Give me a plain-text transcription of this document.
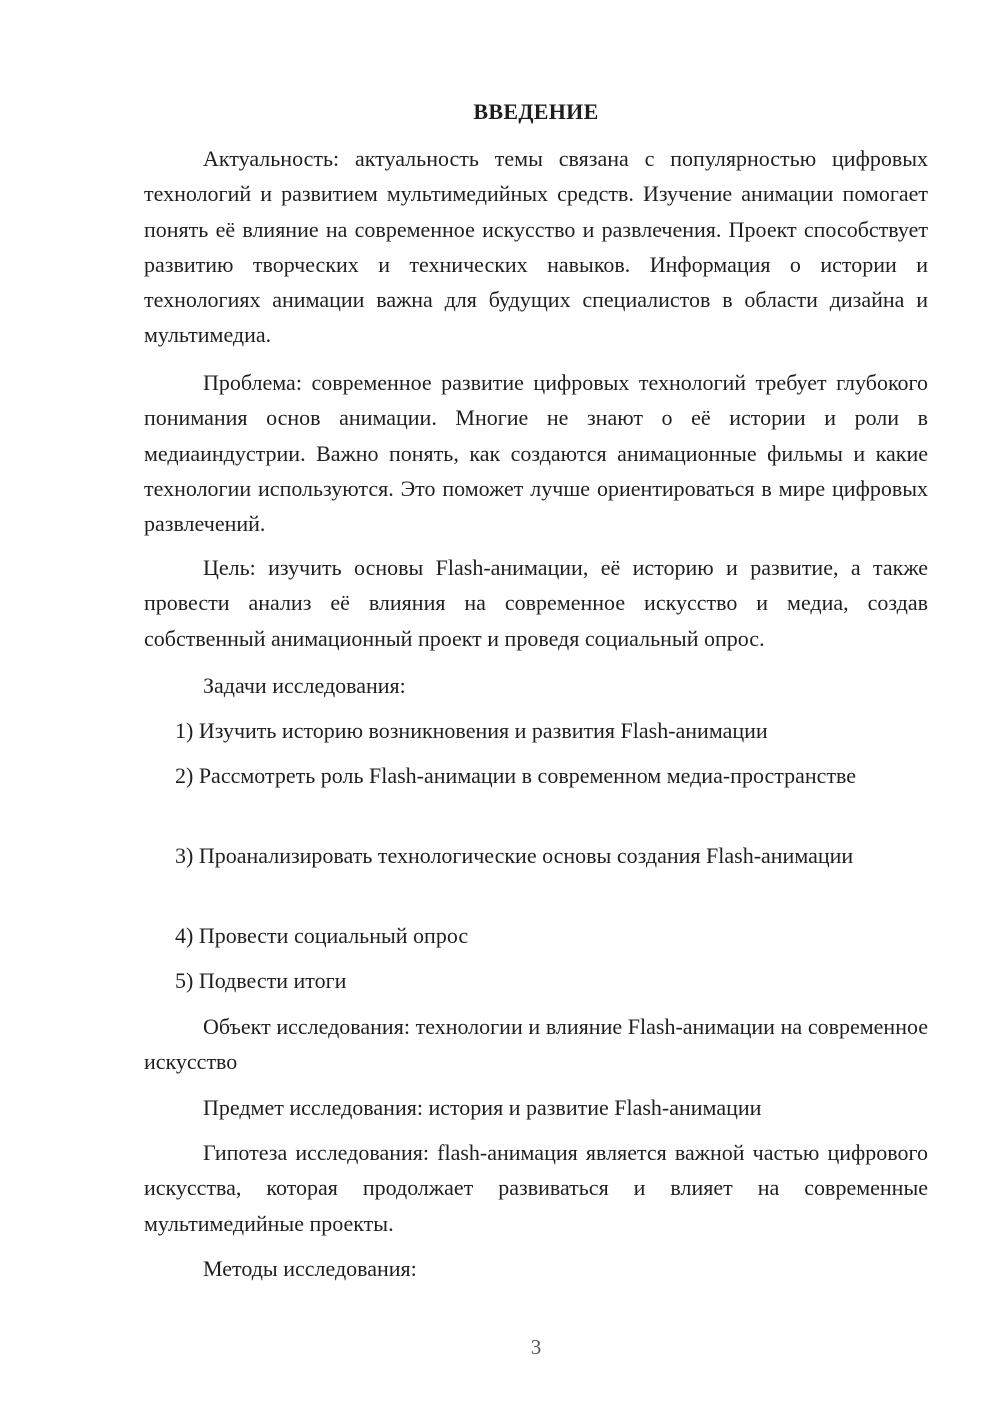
ВВЕДЕНИЕ

Актуальность: актуальность темы связана с популярностью цифровых технологий и развитием мультимедийных средств. Изучение анимации помогает понять её влияние на современное искусство и развлечения. Проект способствует развитию творческих и технических навыков. Информация о истории и технологиях анимации важна для будущих специалистов в области дизайна и мультимедиа.

Проблема: современное развитие цифровых технологий требует глубокого понимания основ анимации. Многие не знают о её истории и роли в медиаиндустрии. Важно понять, как создаются анимационные фильмы и какие технологии используются. Это поможет лучше ориентироваться в мире цифровых развлечений.

Цель: изучить основы Flash-анимации, её историю и развитие, а также провести анализ её влияния на современное искусство и медиа, создав собственный анимационный проект и проведя социальный опрос.

Задачи исследования:

1) Изучить историю возникновения и развития Flash-анимации

2) Рассмотреть роль Flash-анимации в современном медиа-пространстве

3) Проанализировать технологические основы создания Flash-анимации

4) Провести социальный опрос

5) Подвести итоги

Объект исследования: технологии и влияние Flash-анимации на современное искусство

Предмет исследования: история и развитие Flash-анимации

Гипотеза исследования: flash-анимация является важной частью цифрового искусства, которая продолжает развиваться и влияет на современные мультимедийные проекты.

Методы исследования:

3
